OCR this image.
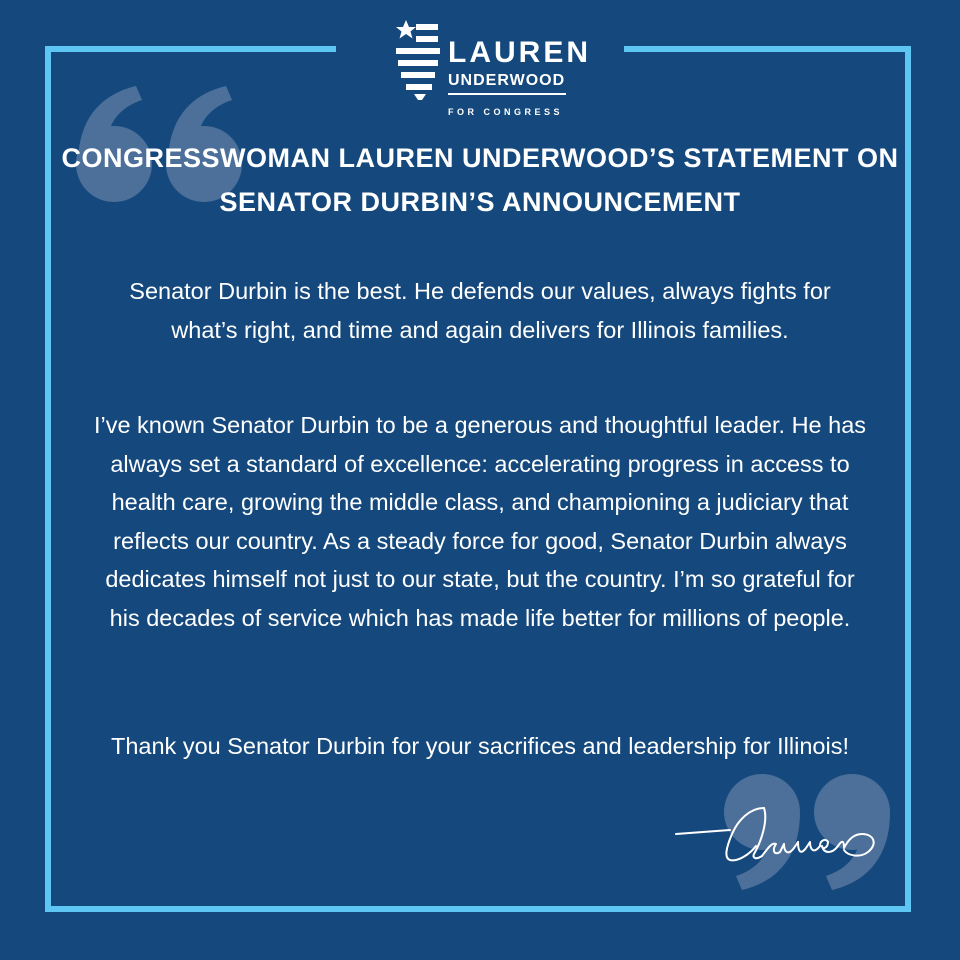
LAUREN
UNDERWOOD
FOR CONGRESS
CONGRESSWOMAN LAUREN UNDERWOOD’S STATEMENT ON
SENATOR DURBIN’S ANNOUNCEMENT
Senator Durbin is the best. He defends our values, always fights for
what’s right, and time and again delivers for Illinois families.
I’ve known Senator Durbin to be a generous and thoughtful leader. He has
always set a standard of excellence: accelerating progress in access to
health care, growing the middle class, and championing a judiciary that
reflects our country. As a steady force for good, Senator Durbin always
dedicates himself not just to our state, but the country. I’m so grateful for
his decades of service which has made life better for millions of people.
Thank you Senator Durbin for your sacrifices and leadership for Illinois!
Lauren
